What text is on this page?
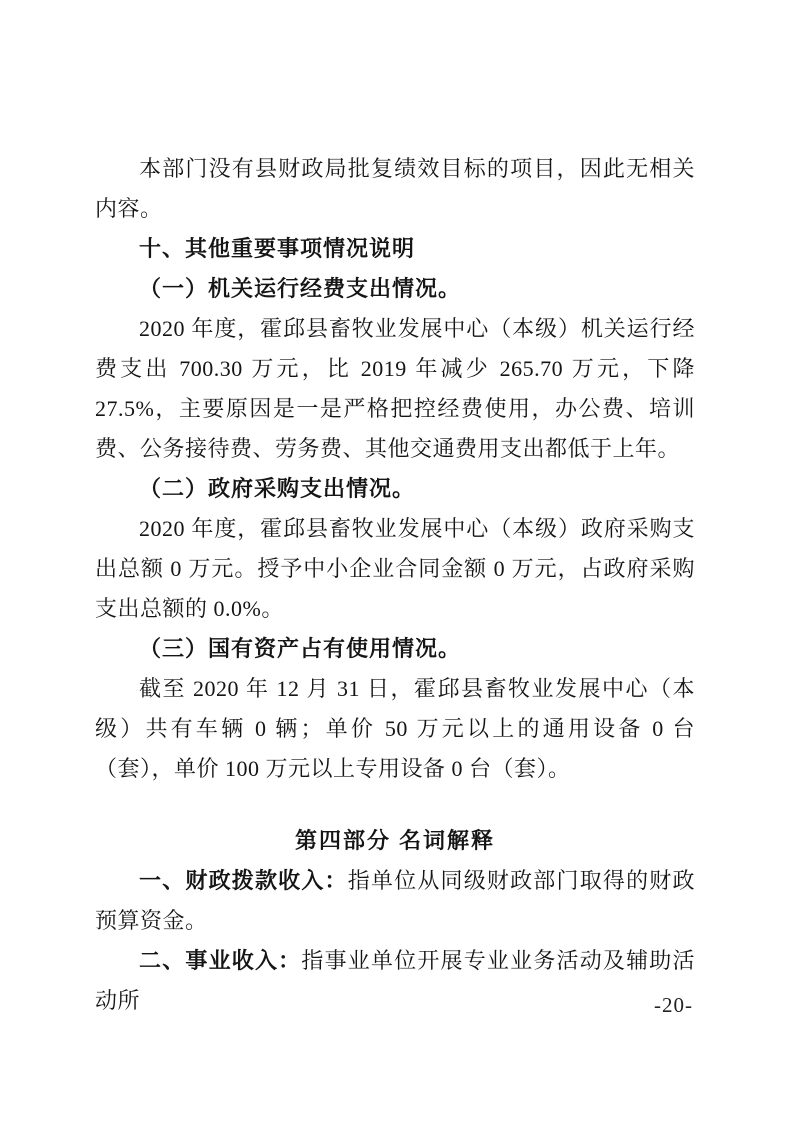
本部门没有县财政局批复绩效目标的项目，因此无相关内容。

十、其他重要事项情况说明

（一）机关运行经费支出情况。

2020 年度，霍邱县畜牧业发展中心（本级）机关运行经费支出 700.30 万元，比 2019 年减少 265.70 万元，下降 27.5%，主要原因是一是严格把控经费使用，办公费、培训费、公务接待费、劳务费、其他交通费用支出都低于上年。

（二）政府采购支出情况。

2020 年度，霍邱县畜牧业发展中心（本级）政府采购支出总额 0 万元。授予中小企业合同金额 0 万元，占政府采购支出总额的 0.0%。

（三）国有资产占有使用情况。

截至 2020 年 12 月 31 日，霍邱县畜牧业发展中心（本级）共有车辆 0 辆；单价 50 万元以上的通用设备 0 台（套），单价 100 万元以上专用设备 0 台（套）。

第四部分 名词解释

一、财政拨款收入：指单位从同级财政部门取得的财政预算资金。

二、事业收入：指事业单位开展专业业务活动及辅助活动所	-20-
